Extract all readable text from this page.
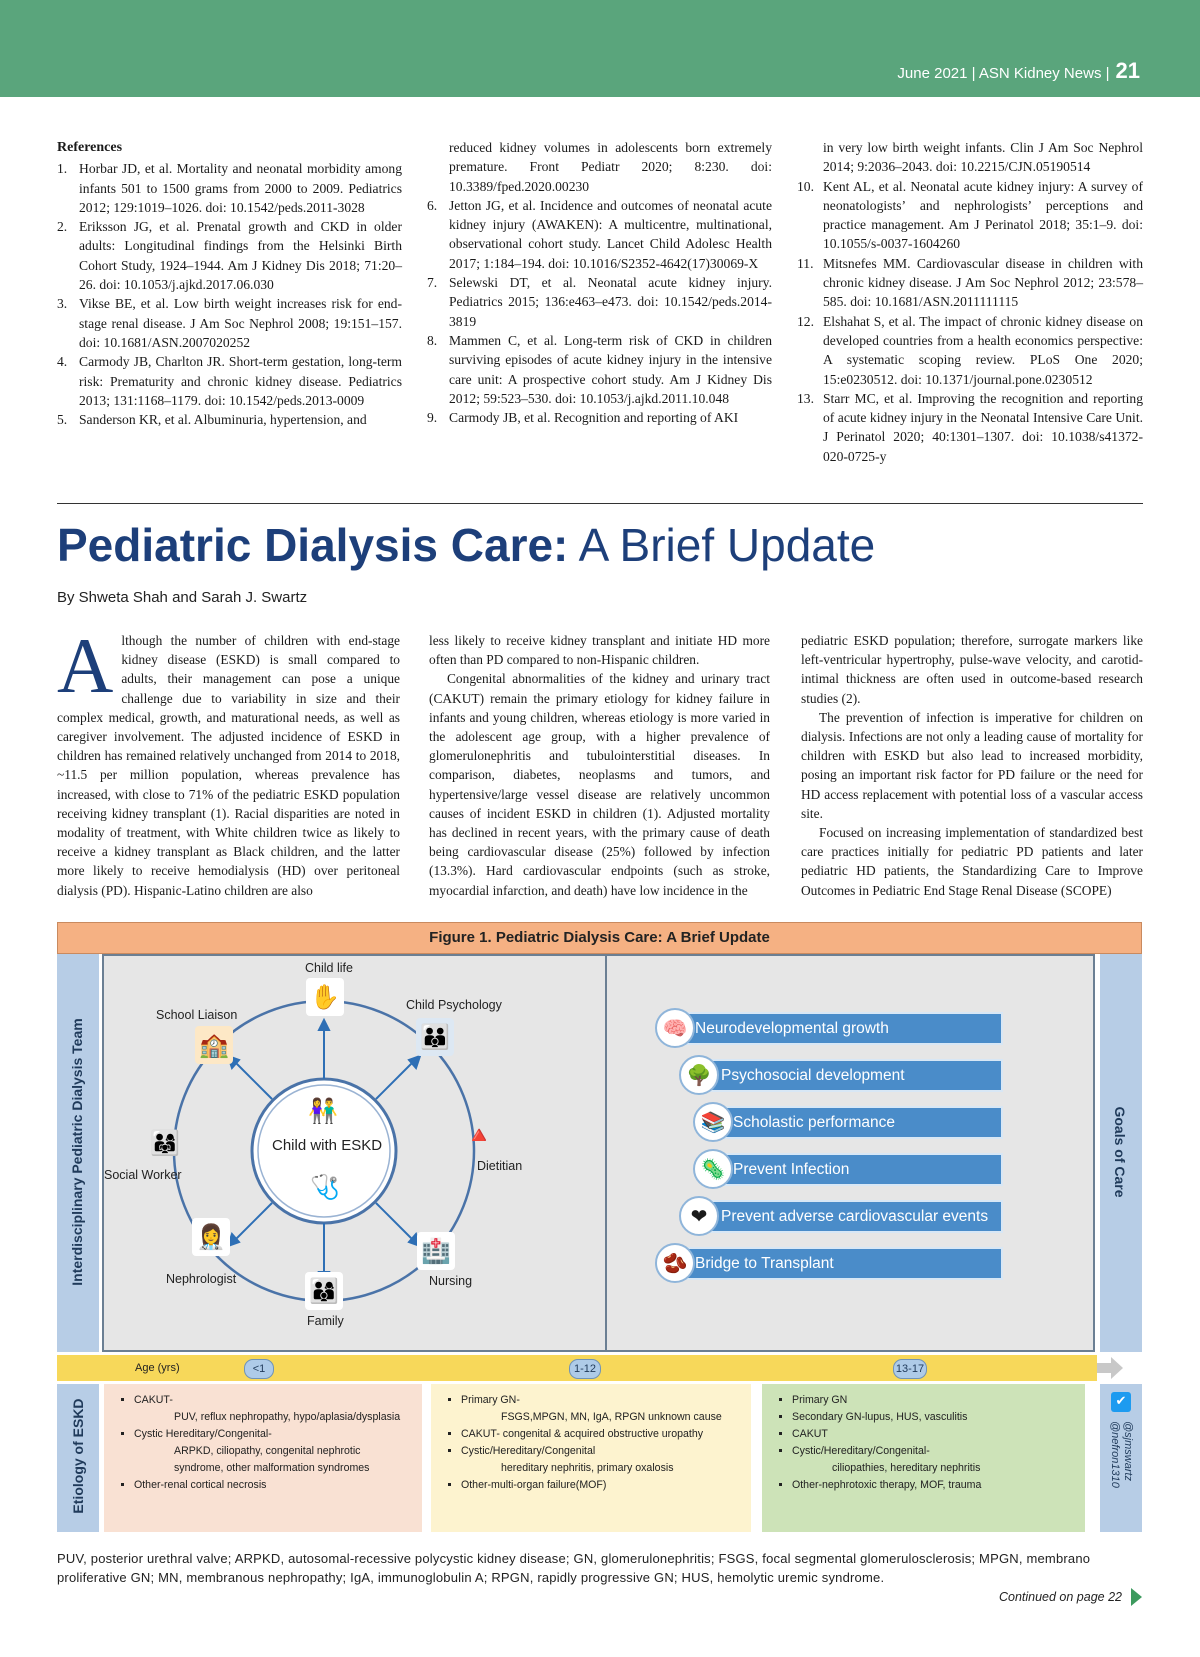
June 2021 | ASN Kidney News | 21
References
1. Horbar JD, et al. Mortality and neonatal morbidity among infants 501 to 1500 grams from 2000 to 2009. Pediatrics 2012; 129:1019–1026. doi: 10.1542/peds.2011-3028
2. Eriksson JG, et al. Prenatal growth and CKD in older adults: Longitudinal findings from the Helsinki Birth Cohort Study, 1924–1944. Am J Kidney Dis 2018; 71:20–26. doi: 10.1053/j.ajkd.2017.06.030
3. Vikse BE, et al. Low birth weight increases risk for end-stage renal disease. J Am Soc Nephrol 2008; 19:151–157. doi: 10.1681/ASN.2007020252
4. Carmody JB, Charlton JR. Short-term gestation, long-term risk: Prematurity and chronic kidney disease. Pediatrics 2013; 131:1168–1179. doi: 10.1542/peds.2013-0009
5. Sanderson KR, et al. Albuminuria, hypertension, and
reduced kidney volumes in adolescents born extremely premature. Front Pediatr 2020; 8:230. doi: 10.3389/fped.2020.00230
6. Jetton JG, et al. Incidence and outcomes of neonatal acute kidney injury (AWAKEN): A multicentre, multinational, observational cohort study. Lancet Child Adolesc Health 2017; 1:184–194. doi: 10.1016/S2352-4642(17)30069-X
7. Selewski DT, et al. Neonatal acute kidney injury. Pediatrics 2015; 136:e463–e473. doi: 10.1542/peds.2014-3819
8. Mammen C, et al. Long-term risk of CKD in children surviving episodes of acute kidney injury in the intensive care unit: A prospective cohort study. Am J Kidney Dis 2012; 59:523–530. doi: 10.1053/j.ajkd.2011.10.048
9. Carmody JB, et al. Recognition and reporting of AKI
in very low birth weight infants. Clin J Am Soc Nephrol 2014; 9:2036–2043. doi: 10.2215/CJN.05190514
10. Kent AL, et al. Neonatal acute kidney injury: A survey of neonatologists’ and nephrologists’ perceptions and practice management. Am J Perinatol 2018; 35:1–9. doi: 10.1055/s-0037-1604260
11. Mitsnefes MM. Cardiovascular disease in children with chronic kidney disease. J Am Soc Nephrol 2012; 23:578–585. doi: 10.1681/ASN.2011111115
12. Elshahat S, et al. The impact of chronic kidney disease on developed countries from a health economics perspective: A systematic scoping review. PLoS One 2020; 15:e0230512. doi: 10.1371/journal.pone.0230512
13. Starr MC, et al. Improving the recognition and reporting of acute kidney injury in the Neonatal Intensive Care Unit. J Perinatol 2020; 40:1301–1307. doi: 10.1038/s41372-020-0725-y
Pediatric Dialysis Care: A Brief Update
By Shweta Shah and Sarah J. Swartz
Although the number of children with end-stage kidney disease (ESKD) is small compared to adults, their management can pose a unique challenge due to variability in size and their complex medical, growth, and maturational needs, as well as caregiver involvement. The adjusted incidence of ESKD in children has remained relatively unchanged from 2014 to 2018, ~11.5 per million population, whereas prevalence has increased, with close to 71% of the pediatric ESKD population receiving kidney transplant (1). Racial disparities are noted in modality of treatment, with White children twice as likely to receive a kidney transplant as Black children, and the latter more likely to receive hemodialysis (HD) over peritoneal dialysis (PD). Hispanic-Latino children are also
less likely to receive kidney transplant and initiate HD more often than PD compared to non-Hispanic children.
Congenital abnormalities of the kidney and urinary tract (CAKUT) remain the primary etiology for kidney failure in infants and young children, whereas etiology is more varied in the adolescent age group, with a higher prevalence of glomerulonephritis and tubulointerstitial diseases. In comparison, diabetes, neoplasms and tumors, and hypertensive/large vessel disease are relatively uncommon causes of incident ESKD in children (1). Adjusted mortality has declined in recent years, with the primary cause of death being cardiovascular disease (25%) followed by infection (13.3%). Hard cardiovascular endpoints (such as stroke, myocardial infarction, and death) have low incidence in the
pediatric ESKD population; therefore, surrogate markers like left-ventricular hypertrophy, pulse-wave velocity, and carotid-intimal thickness are often used in outcome-based research studies (2).
The prevention of infection is imperative for children on dialysis. Infections are not only a leading cause of mortality for children with ESKD but also lead to increased morbidity, posing an important risk factor for PD failure or the need for HD access replacement with potential loss of a vascular access site.
Focused on increasing implementation of standardized best care practices initially for pediatric PD patients and later pediatric HD patients, the Standardizing Care to Improve Outcomes in Pediatric End Stage Renal Disease (SCOPE)
Figure 1. Pediatric Dialysis Care: A Brief Update
Interdisciplinary Pediatric Dialysis Team	Goals of Care
Child life
✋	Child Psychology
👪
School Liaison
🏫
👫
Child with ESKD
🩺
👨‍👩‍👧
Social Worker
🔺
Dietitian
👩‍⚕️
Nephrologist
🏥
Nursing
👨‍👩‍👦
Family
Neurodevelopmental growth
🧠
Psychosocial development
🌳
Scholastic performance
📚
Prevent Infection
🦠
Prevent adverse cardiovascular events
❤
Bridge to Transplant
🫘
Age (yrs)	<1	1-12	13-17
Etiology of ESKD
▪	CAKUT-
PUV, reflux nephropathy, hypo/aplasia/dysplasia
▪ Cystic Hereditary/Congenital-
ARPKD, ciliopathy, congenital nephrotic syndrome, other malformation syndromes
▪ Other-renal cortical necrosis
▪ Primary GN-
FSGS,MPGN, MN, IgA, RPGN unknown cause
▪ CAKUT- congenital & acquired obstructive uropathy
▪ Cystic/Hereditary/Congenital
hereditary nephritis, primary oxalosis
▪ Other-multi-organ failure(MOF)
▪ Primary GN
▪ Secondary GN-lupus, HUS, vasculitis
▪ CAKUT
▪ Cystic/Hereditary/Congenital-
ciliopathies, hereditary nephritis
▪ Other-nephrotoxic therapy, MOF, trauma
✔
@sjmswartz
@nefron1310
PUV, posterior urethral valve; ARPKD, autosomal-recessive polycystic kidney disease; GN, glomerulonephritis; FSGS, focal segmental glomerulosclerosis; MPGN, membrano proliferative GN; MN, membranous nephropathy; IgA, immunoglobulin A; RPGN, rapidly progressive GN; HUS, hemolytic uremic syndrome.
Continued on page 22
